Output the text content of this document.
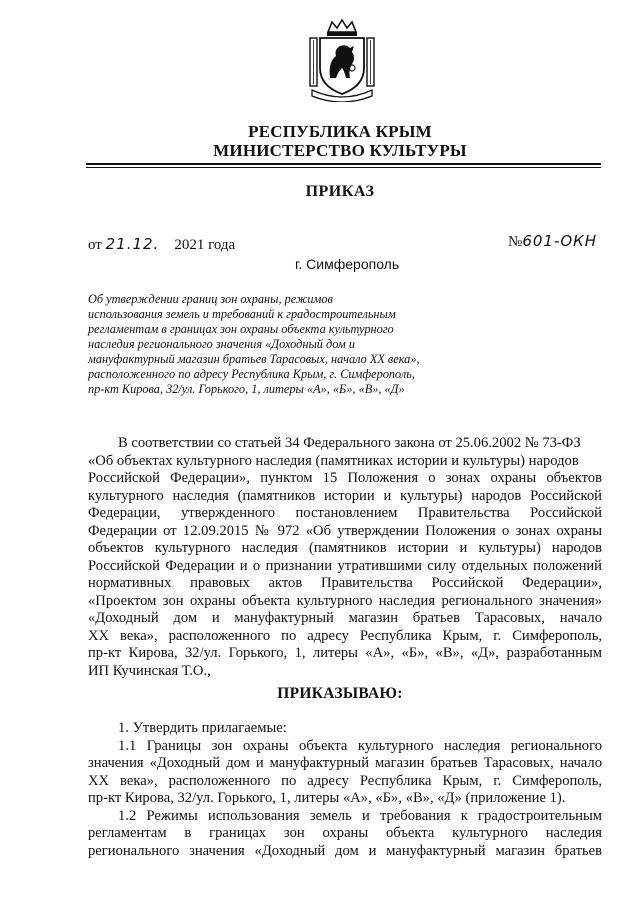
РЕСПУБЛИКА КРЫМ
МИНИСТЕРСТВО КУЛЬТУРЫ
ПРИКАЗ
от 21.12. 2021 года	№601-ОКН
г. Симферополь
Об утверждении границ зон охраны, режимов
использования земель и требований к градостроительным
регламентам в границах зон охраны объекта культурного
наследия регионального значения «Доходный дом и
мануфактурный магазин братьев Тарасовых, начало XX века»,
расположенного по адресу Республика Крым, г. Симферополь,
пр-кт Кирова, 32/ул. Горького, 1, литеры «А», «Б», «В», «Д»
В соответствии со статьей 34 Федерального закона от 25.06.2002 № 73-ФЗ
«Об объектах культурного наследия (памятниках истории и культуры) народов
Российской Федерации», пунктом 15 Положения о зонах охраны объектов
культурного наследия (памятников истории и культуры) народов Российской
Федерации, утвержденного постановлением Правительства Российской
Федерации от 12.09.2015 № 972 «Об утверждении Положения о зонах охраны
объектов культурного наследия (памятников истории и культуры) народов
Российской Федерации и о признании утратившими силу отдельных положений
нормативных правовых актов Правительства Российской Федерации»,
«Проектом зон охраны объекта культурного наследия регионального значения»
«Доходный дом и мануфактурный магазин братьев Тарасовых, начало
XX века», расположенного по адресу Республика Крым, г. Симферополь,
пр-кт Кирова, 32/ул. Горького, 1, литеры «А», «Б», «В», «Д», разработанным
ИП Кучинская Т.О.,
ПРИКАЗЫВАЮ:
1. Утвердить прилагаемые:
1.1 Границы зон охраны объекта культурного наследия регионального
значения «Доходный дом и мануфактурный магазин братьев Тарасовых, начало
XX века», расположенного по адресу Республика Крым, г. Симферополь,
пр-кт Кирова, 32/ул. Горького, 1, литеры «А», «Б», «В», «Д» (приложение 1).
1.2 Режимы использования земель и требования к градостроительным
регламентам в границах зон охраны объекта культурного наследия
регионального значения «Доходный дом и мануфактурный магазин братьев
